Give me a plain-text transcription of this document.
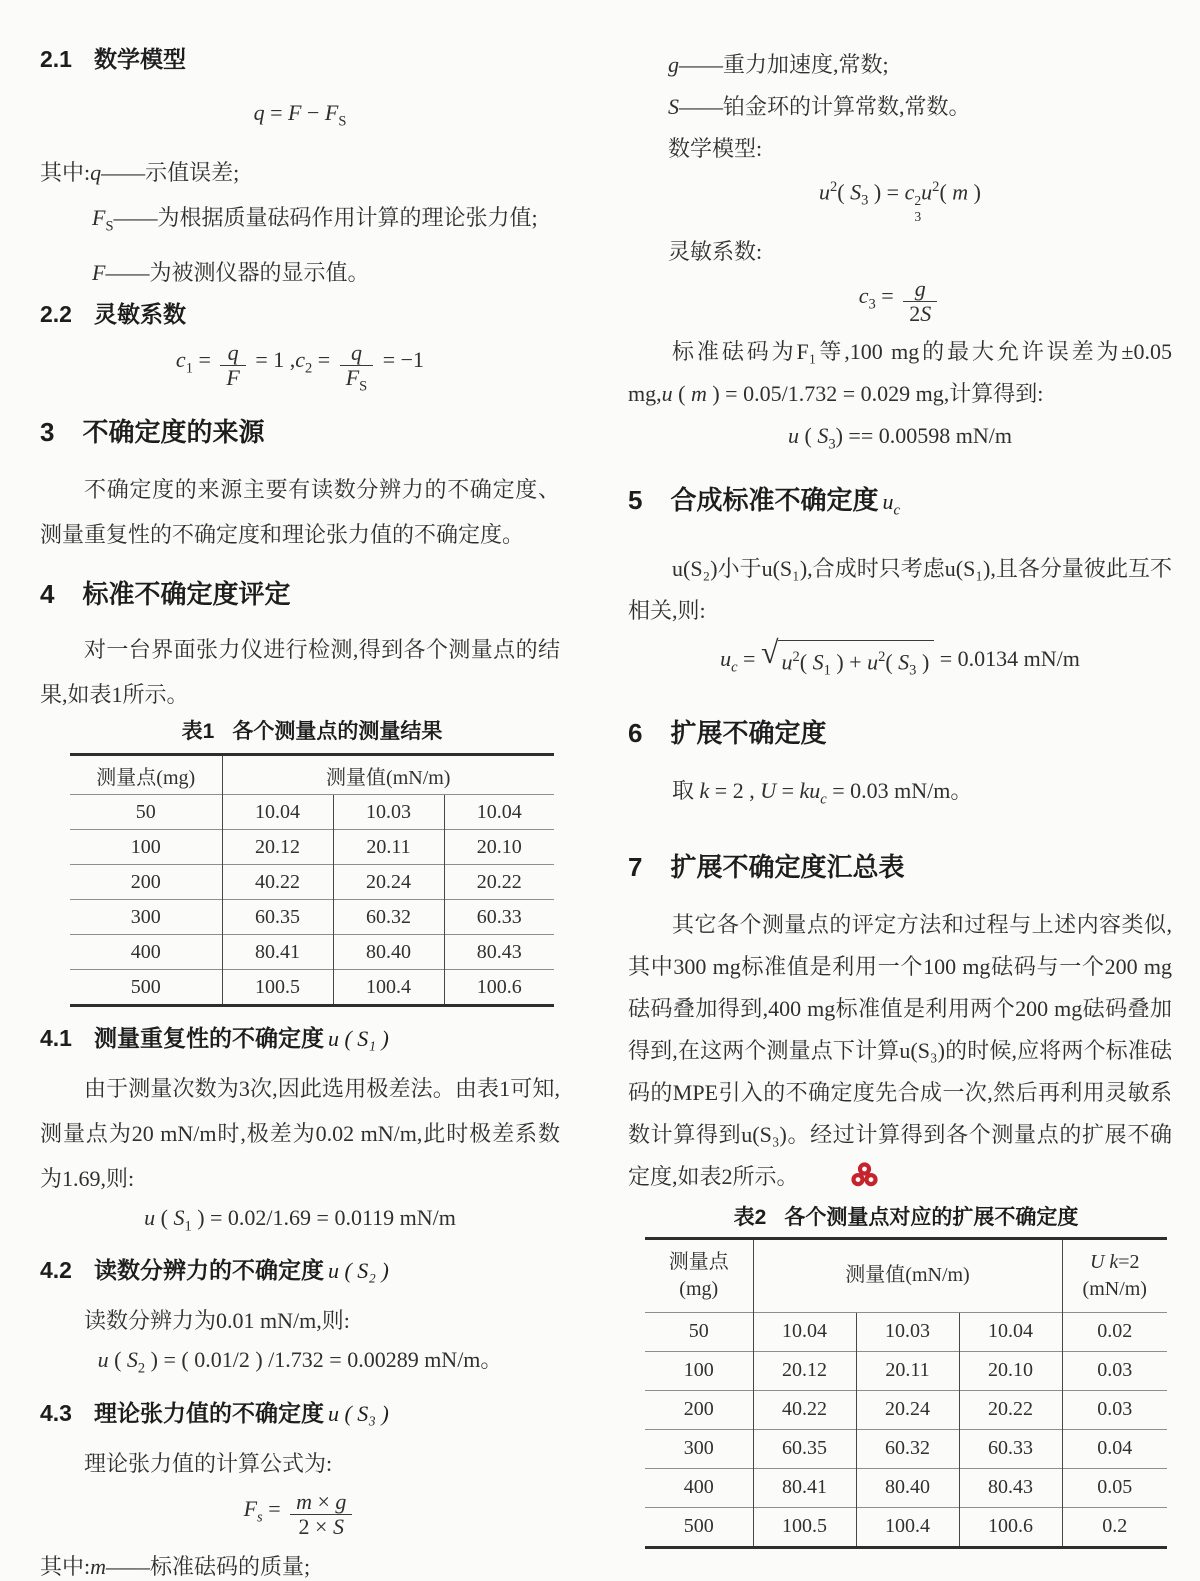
2.1 数学模型
$q = F - F_S$

其中:q——示值误差;

$F_S——$为根据质量砝码作用计算的理论张力值;

F——为被测仪器的显示值。

2.2 灵敏系数
$c_1 = \frac{q}{F} = 1$ $,c_2 = \frac{q}{F_S} = -1$
3 不确定度的来源

不确定度的来源主要有读数分辨力的不确定度、测量重复性的不确定度和理论张力值的不确定度。

4 标准不确定度评定

对一台界面张力仪进行检测,得到各个测量点的结果,如表1所示。

表1 各个测量点的测量结果
测量点(mg)	测量值(mN/m)		
50	10.04	10.03	10.04
100	20.12	20.11	20.10
200	40.22	20.24	20.22
300	60.35	60.32	60.33
400	80.41	80.40	80.43
500	100.5	100.4	100.6
4.1 测量重复性的不确定度 u ( S₁ )

由于测量次数为3次,因此选用极差法。由表1可知,测量点为20 mN/m时,极差为0.02 mN/m,此时极差系数为1.69,则:

u ( $S_1$ ) = 0.02/1.69 = 0.0119 mN/m
4.2 读数分辨力的不确定度 u ( S₂ )

读数分辨力为0.01 mN/m,则:

u ( $S_2$ ) = ( 0.01/2 ) /1.732 = 0.00289 mN/m。
4.3 理论张力值的不确定度 u ( S₃ )

理论张力值的计算公式为:

$F_s = \frac{m \times g}{2 \times S}$

其中:m——标准砝码的质量;

g——重力加速度,常数;

S——铂金环的计算常数,常数。

数学模型:

$u^2$( $S_3$ ) = c 2
3
$u^2$( m )

灵敏系数:

$c_3 = \frac{g}{2S}$

标准砝码为F₁等,100 mg的最大允许误差为±0.05 mg,u ( m ) = 0.05/1.732 = 0.029 mg,计算得到:

u ( $S_3) == 0.00598$ mN/m
5 合成标准不确定度 $u_c$

u(S₂)小于u(S₁),合成时只考虑u(S₁),且各分量彼此互不相关,则:

$u_c$ = √ $u^2$( $S_1$ ) + $u^2$( $S_3$ ) = 0.0134 mN/m
6 扩展不确定度

取 k = 2 , $U = ku_c = 0.03$ mN/m。

7 扩展不确定度汇总表

其它各个测量点的评定方法和过程与上述内容类似,其中300 mg标准值是利用一个100 mg砝码与一个200 mg砝码叠加得到,400 mg标准值是利用两个200 mg砝码叠加得到,在这两个测量点下计算u(S₃)的时候,应将两个标准砝码的MPE引入的不确定度先合成一次,然后再利用灵敏系数计算得到u(S₃)。经过计算得到各个测量点的扩展不确定度,如表2所示。

表2 各个测量点对应的扩展不确定度
测量点
(mg)
	测量值(mN/m)	
U k=2
(mN/m)

50	10.04	10.03	10.04	0.02
100	20.12	20.11	20.10	0.03
200	40.22	20.24	20.22	0.03
300	60.35	60.32	60.33	0.04
400	80.41	80.40	80.43	0.05
500	100.5	100.4	100.6	0.2
